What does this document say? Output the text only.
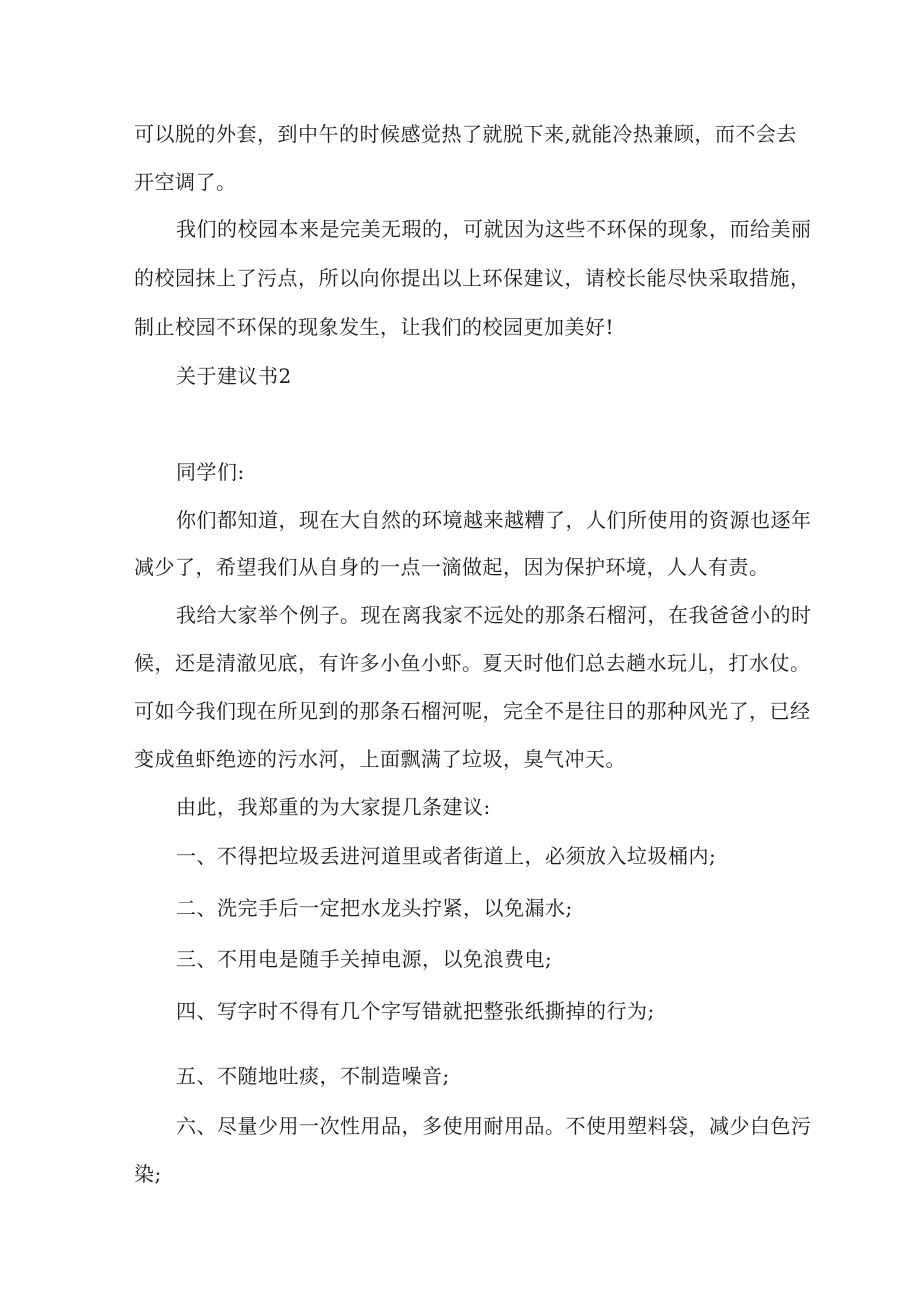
可以脱的外套，到中午的时候感觉热了就脱下来,就能冷热兼顾，而不会去
开空调了。
我们的校园本来是完美无瑕的，可就因为这些不环保的现象，而给美丽
的校园抹上了污点，所以向你提出以上环保建议，请校长能尽快采取措施，
制止校园不环保的现象发生，让我们的校园更加美好!
关于建议书2
同学们:
你们都知道，现在大自然的环境越来越糟了，人们所使用的资源也逐年
减少了，希望我们从自身的一点一滴做起，因为保护环境，人人有责。
我给大家举个例子。现在离我家不远处的那条石榴河，在我爸爸小的时
候，还是清澈见底，有许多小鱼小虾。夏天时他们总去趟水玩儿，打水仗。
可如今我们现在所见到的那条石榴河呢，完全不是往日的那种风光了，已经
变成鱼虾绝迹的污水河，上面飘满了垃圾，臭气冲天。
由此，我郑重的为大家提几条建议:
一、不得把垃圾丢进河道里或者街道上，必须放入垃圾桶内;
二、洗完手后一定把水龙头拧紧，以免漏水;
三、不用电是随手关掉电源，以免浪费电;
四、写字时不得有几个字写错就把整张纸撕掉的行为;
五、不随地吐痰，不制造噪音;
六、尽量少用一次性用品，多使用耐用品。不使用塑料袋，减少白色污
染;
